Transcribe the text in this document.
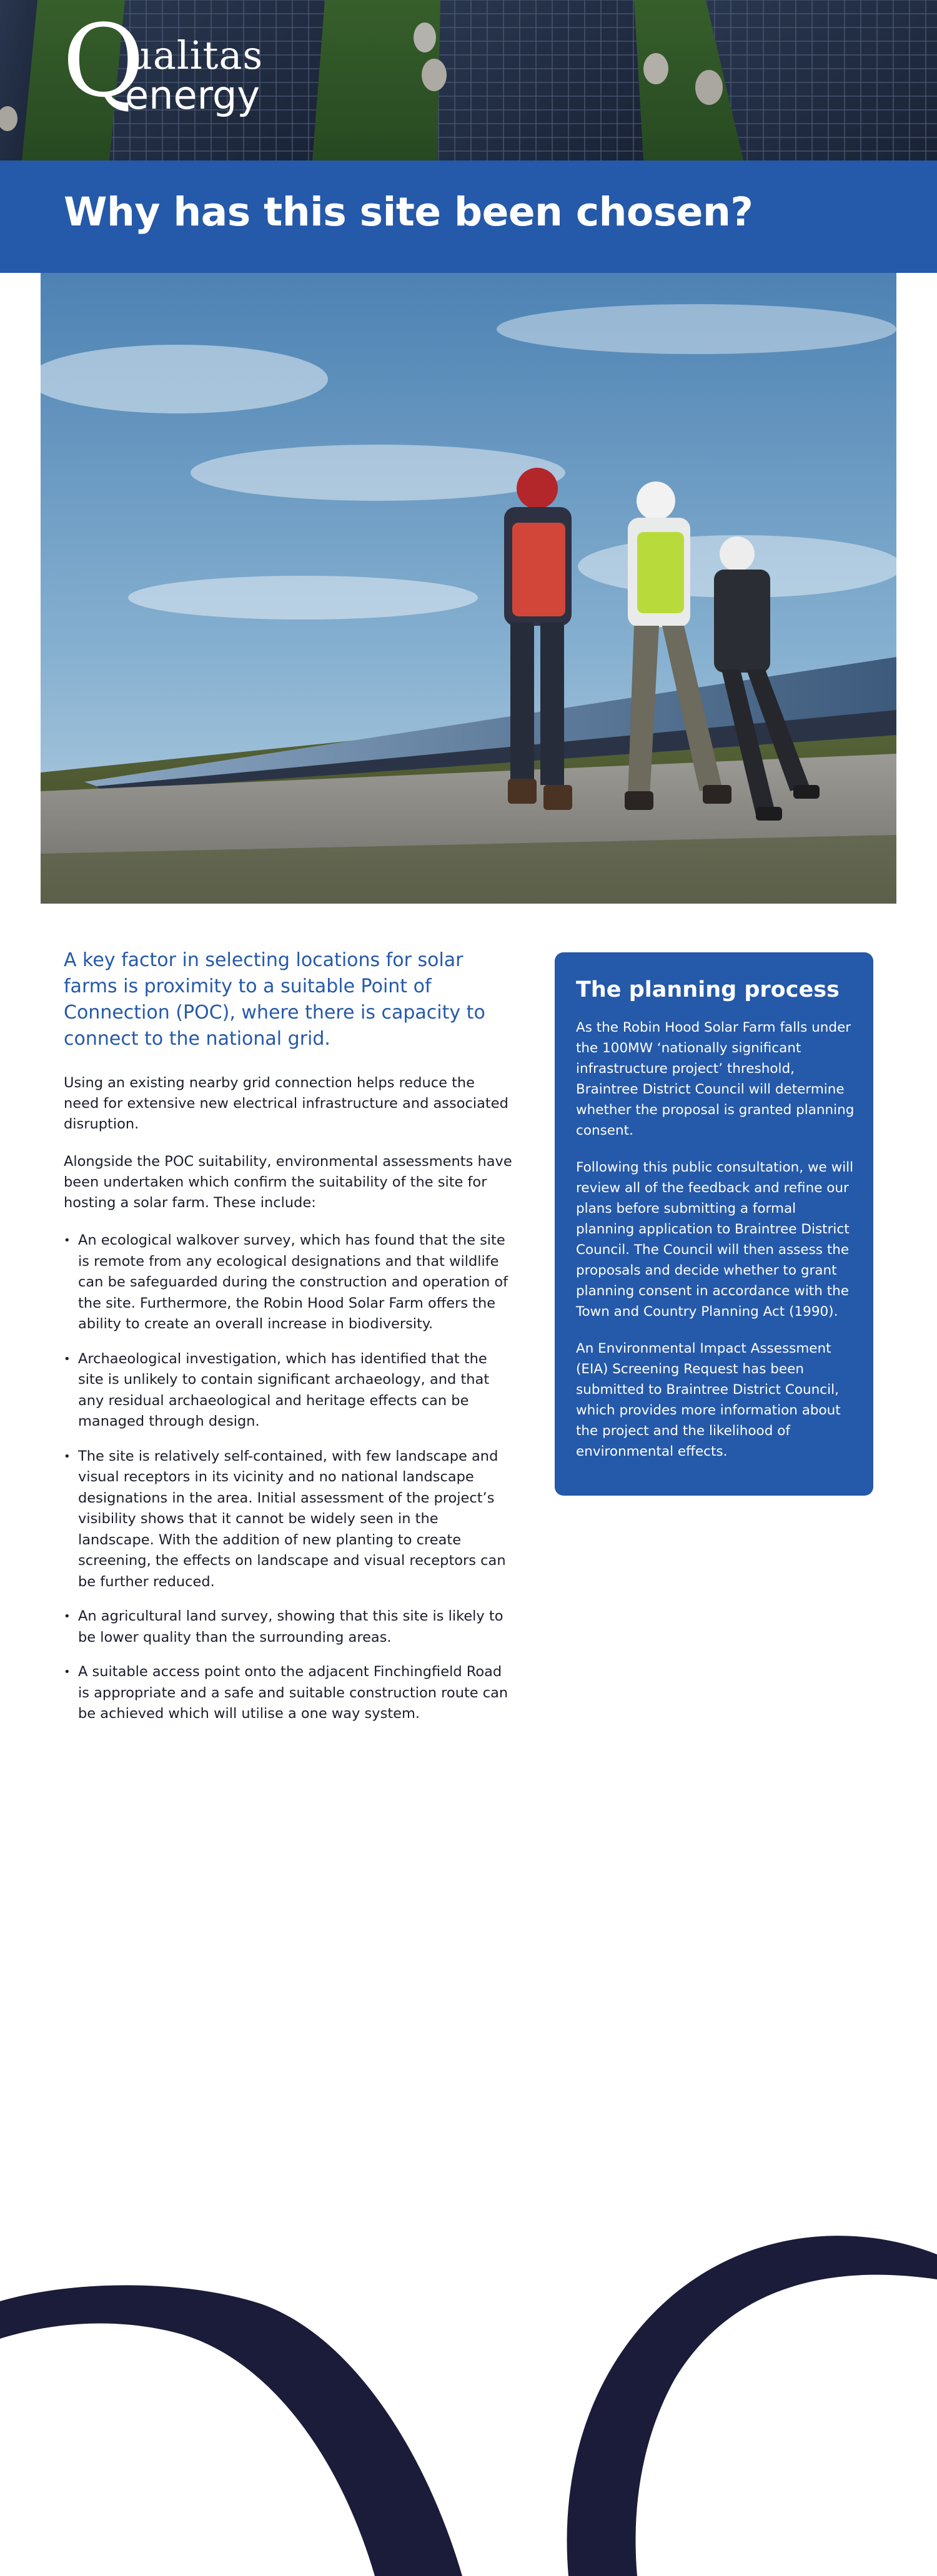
Q
ualitas
energy
Why has this site been chosen?

A key factor in selecting locations for solar farms is proximity to a suitable Point of Connection (POC), where there is capacity to connect to the national grid.

Using an existing nearby grid connection helps reduce the need for extensive new electrical infrastructure and associated disruption.

Alongside the POC suitability, environmental assessments have been undertaken which confirm the suitability of the site for hosting a solar farm. These include:

• An ecological walkover survey, which has found that the site is remote from any ecological designations and that wildlife can be safeguarded during the construction and operation of the site. Furthermore, the Robin Hood Solar Farm offers the ability to create an overall increase in biodiversity.
• Archaeological investigation, which has identified that the site is unlikely to contain significant archaeology, and that any residual archaeological and heritage effects can be managed through design.
• The site is relatively self-contained, with few landscape and visual receptors in its vicinity and no national landscape designations in the area. Initial assessment of the project’s visibility shows that it cannot be widely seen in the landscape. With the addition of new planting to create screening, the effects on landscape and visual receptors can be further reduced.
• An agricultural land survey, showing that this site is likely to be lower quality than the surrounding areas.
• A suitable access point onto the adjacent Finchingfield Road is appropriate and a safe and suitable construction route can be achieved which will utilise a one way system.
The planning process

As the Robin Hood Solar Farm falls under the 100MW ‘nationally significant infrastructure project’ threshold, Braintree District Council will determine whether the proposal is granted planning consent.

Following this public consultation, we will review all of the feedback and refine our plans before submitting a formal planning application to Braintree District Council. The Council will then assess the proposals and decide whether to grant planning consent in accordance with the Town and Country Planning Act (1990).

An Environmental Impact Assessment (EIA) Screening Request has been submitted to Braintree District Council, which provides more information about the project and the likelihood of environmental effects.
